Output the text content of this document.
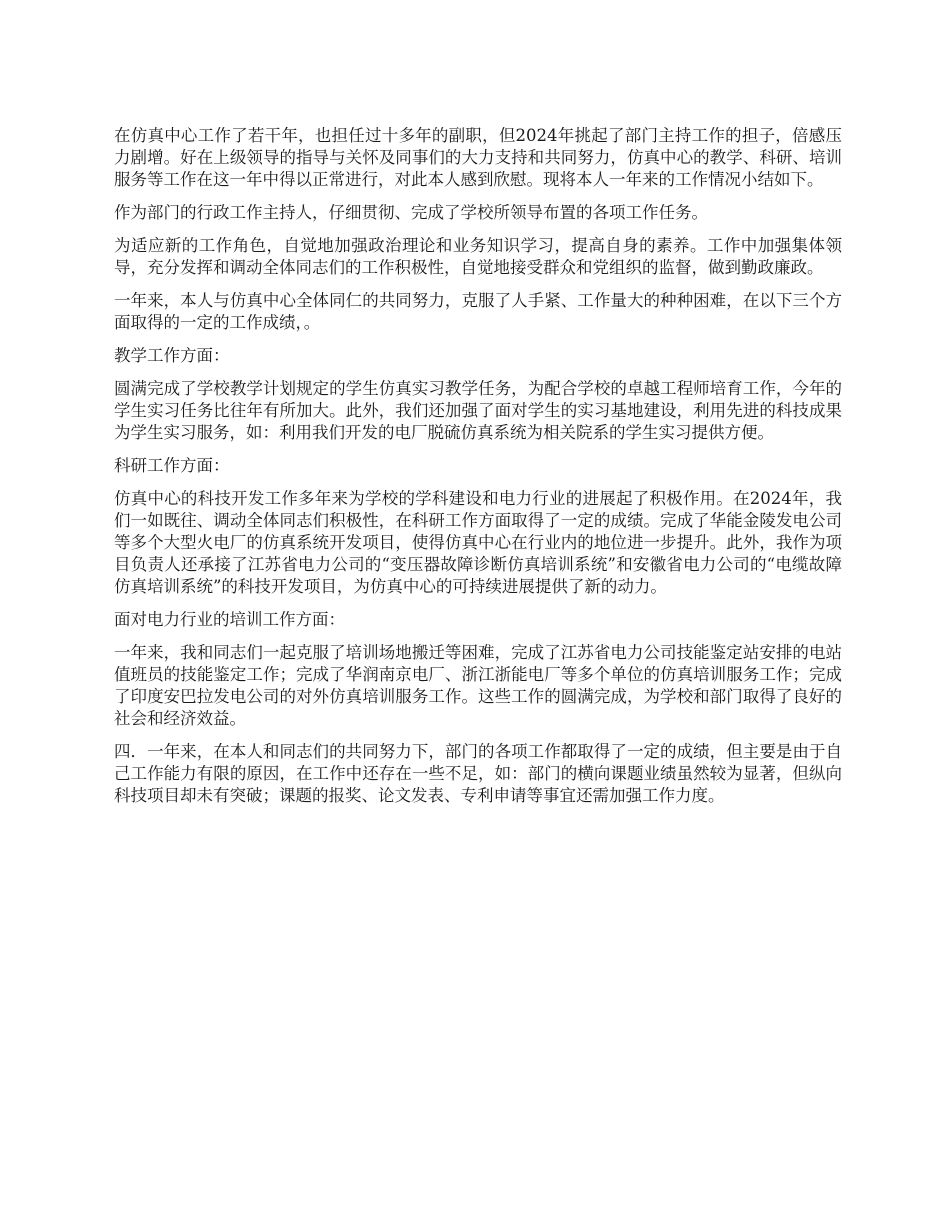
在仿真中心工作了若干年，也担任过十多年的副职，但2024年挑起了部门主持工作的担子，倍感压力剧增。好在上级领导的指导与关怀及同事们的大力支持和共同努力，仿真中心的教学、科研、培训服务等工作在这一年中得以正常进行，对此本人感到欣慰。现将本人一年来的工作情况小结如下。

作为部门的行政工作主持人，仔细贯彻、完成了学校所领导布置的各项工作任务。

为适应新的工作角色，自觉地加强政治理论和业务知识学习，提高自身的素养。工作中加强集体领导，充分发挥和调动全体同志们的工作积极性，自觉地接受群众和党组织的监督，做到勤政廉政。

一年来，本人与仿真中心全体同仁的共同努力，克服了人手紧、工作量大的种种困难，在以下三个方面取得的一定的工作成绩，。

教学工作方面：

圆满完成了学校教学计划规定的学生仿真实习教学任务，为配合学校的卓越工程师培育工作，今年的学生实习任务比往年有所加大。此外，我们还加强了面对学生的实习基地建设，利用先进的科技成果为学生实习服务，如：利用我们开发的电厂脱硫仿真系统为相关院系的学生实习提供方便。

科研工作方面：

仿真中心的科技开发工作多年来为学校的学科建设和电力行业的进展起了积极作用。在2024年，我们一如既往、调动全体同志们积极性，在科研工作方面取得了一定的成绩。完成了华能金陵发电公司等多个大型火电厂的仿真系统开发项目，使得仿真中心在行业内的地位进一步提升。此外，我作为项目负责人还承接了江苏省电力公司的“变压器故障诊断仿真培训系统”和安徽省电力公司的“电缆故障仿真培训系统”的科技开发项目，为仿真中心的可持续进展提供了新的动力。

面对电力行业的培训工作方面：

一年来，我和同志们一起克服了培训场地搬迁等困难，完成了江苏省电力公司技能鉴定站安排的电站值班员的技能鉴定工作；完成了华润南京电厂、浙江浙能电厂等多个单位的仿真培训服务工作；完成了印度安巴拉发电公司的对外仿真培训服务工作。这些工作的圆满完成，为学校和部门取得了良好的社会和经济效益。

四．一年来，在本人和同志们的共同努力下，部门的各项工作都取得了一定的成绩，但主要是由于自己工作能力有限的原因，在工作中还存在一些不足，如：部门的横向课题业绩虽然较为显著，但纵向科技项目却未有突破；课题的报奖、论文发表、专利申请等事宜还需加强工作力度。
